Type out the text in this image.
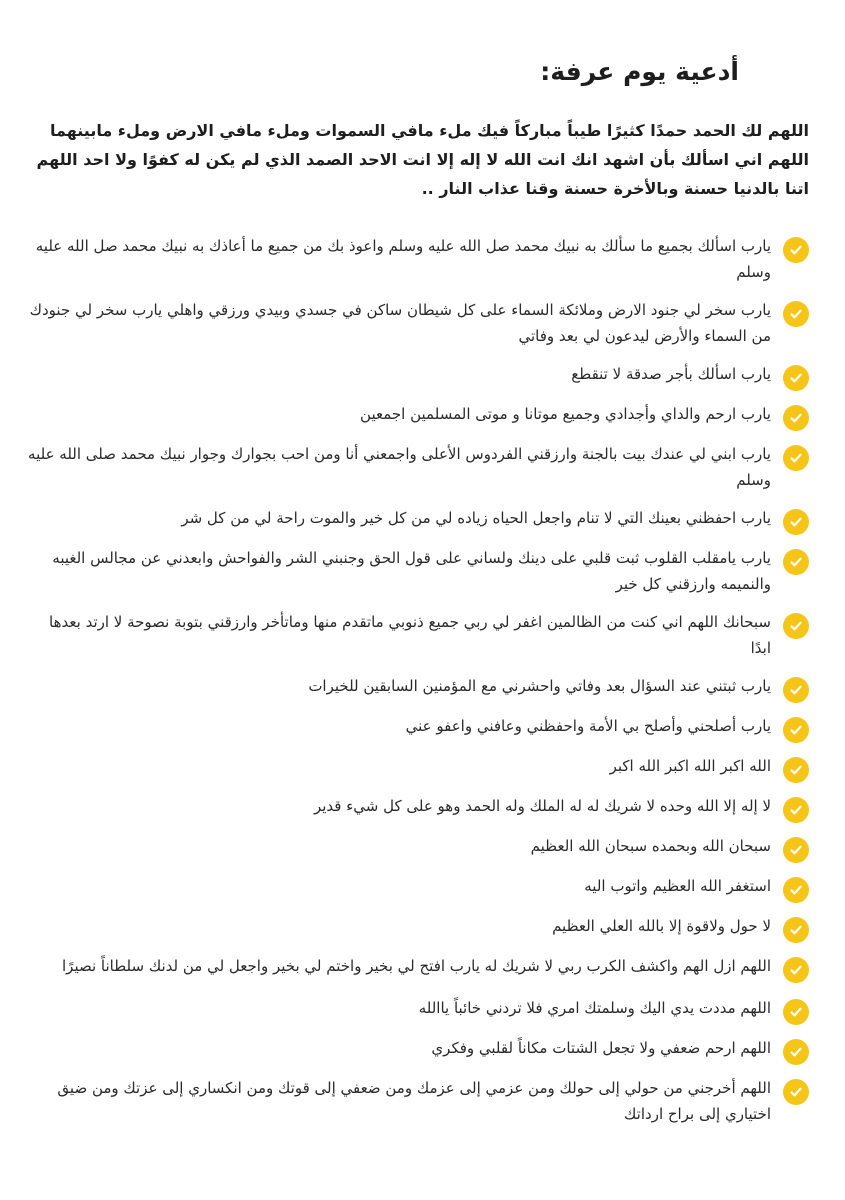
أدعية يوم عرفة:
اللهم لك الحمد حمدًا كثيرًا طيباً مباركاً فيك ملء مافي السموات وملء مافي الارض وملء مابينهما اللهم اني اسألك بأن اشهد انك انت الله لا إله إلا انت الاحد الصمد الذي لم يكن له كفوًا ولا احد اللهم اتنا بالدنيا حسنة وبالأخرة حسنة وقنا عذاب النار ..
يارب اسألك بجميع ما سألك به نبيك محمد صل الله عليه وسلم واعوذ بك من جميع ما أعاذك به نبيك محمد صل الله عليه وسلم
يارب سخر لي جنود الارض وملائكة السماء على كل شيطان ساكن في جسدي وبيدي ورزقي واهلي يارب سخر لي جنودك من السماء والأرض ليدعون لي بعد وفاتي
يارب اسألك بأجر صدقة لا تنقطع
يارب ارحم والداي وأجدادي وجميع موتانا و موتى المسلمين اجمعين
يارب ابني لي عندك بيت بالجنة وارزقني الفردوس الأعلى واجمعني أنا ومن احب بجوارك وجوار نبيك محمد صلى الله عليه وسلم
يارب احفظني بعينك التي لا تنام واجعل الحياه زياده لي من كل خير والموت راحة لي من كل شر
يارب يامقلب القلوب ثبت قلبي على دينك ولساني على قول الحق وجنبني الشر والفواحش وابعدني عن مجالس الغيبه والنميمه وارزقني كل خير
سبحانك اللهم اني كنت من الظالمين اغفر لي ربي جميع ذنوبي ماتقدم منها وماتأخر وارزقني بتوبة نصوحة لا ارتد بعدها ابدًا
يارب ثبتني عند السؤال بعد وفاتي واحشرني مع المؤمنين السابقين للخيرات
يارب أصلحني وأصلح بي الأمة واحفظني وعافني واعفو عني
الله اكبر الله اكبر الله اكبر
لا إله إلا الله وحده لا شريك له له الملك وله الحمد وهو على كل شيء قدير
سبحان الله وبحمده سبحان الله العظيم
استغفر الله العظيم واتوب اليه
لا حول ولاقوة إلا بالله العلي العظيم
اللهم ازل الهم واكشف الكرب ربي لا شريك له يارب افتح لي بخير واختم لي بخير واجعل لي من لدنك سلطاناً نصيرًا
اللهم مددت يدي اليك وسلمتك امري فلا تردني خائباً ياالله
اللهم ارحم ضعفي ولا تجعل الشتات مكاناً لقلبي وفكري
اللهم أخرجني من حولي إلى حولك ومن عزمي إلى عزمك ومن ضعفي إلى قوتك ومن انكساري إلى عزتك ومن ضيق اختياري إلى براح ارداتك
